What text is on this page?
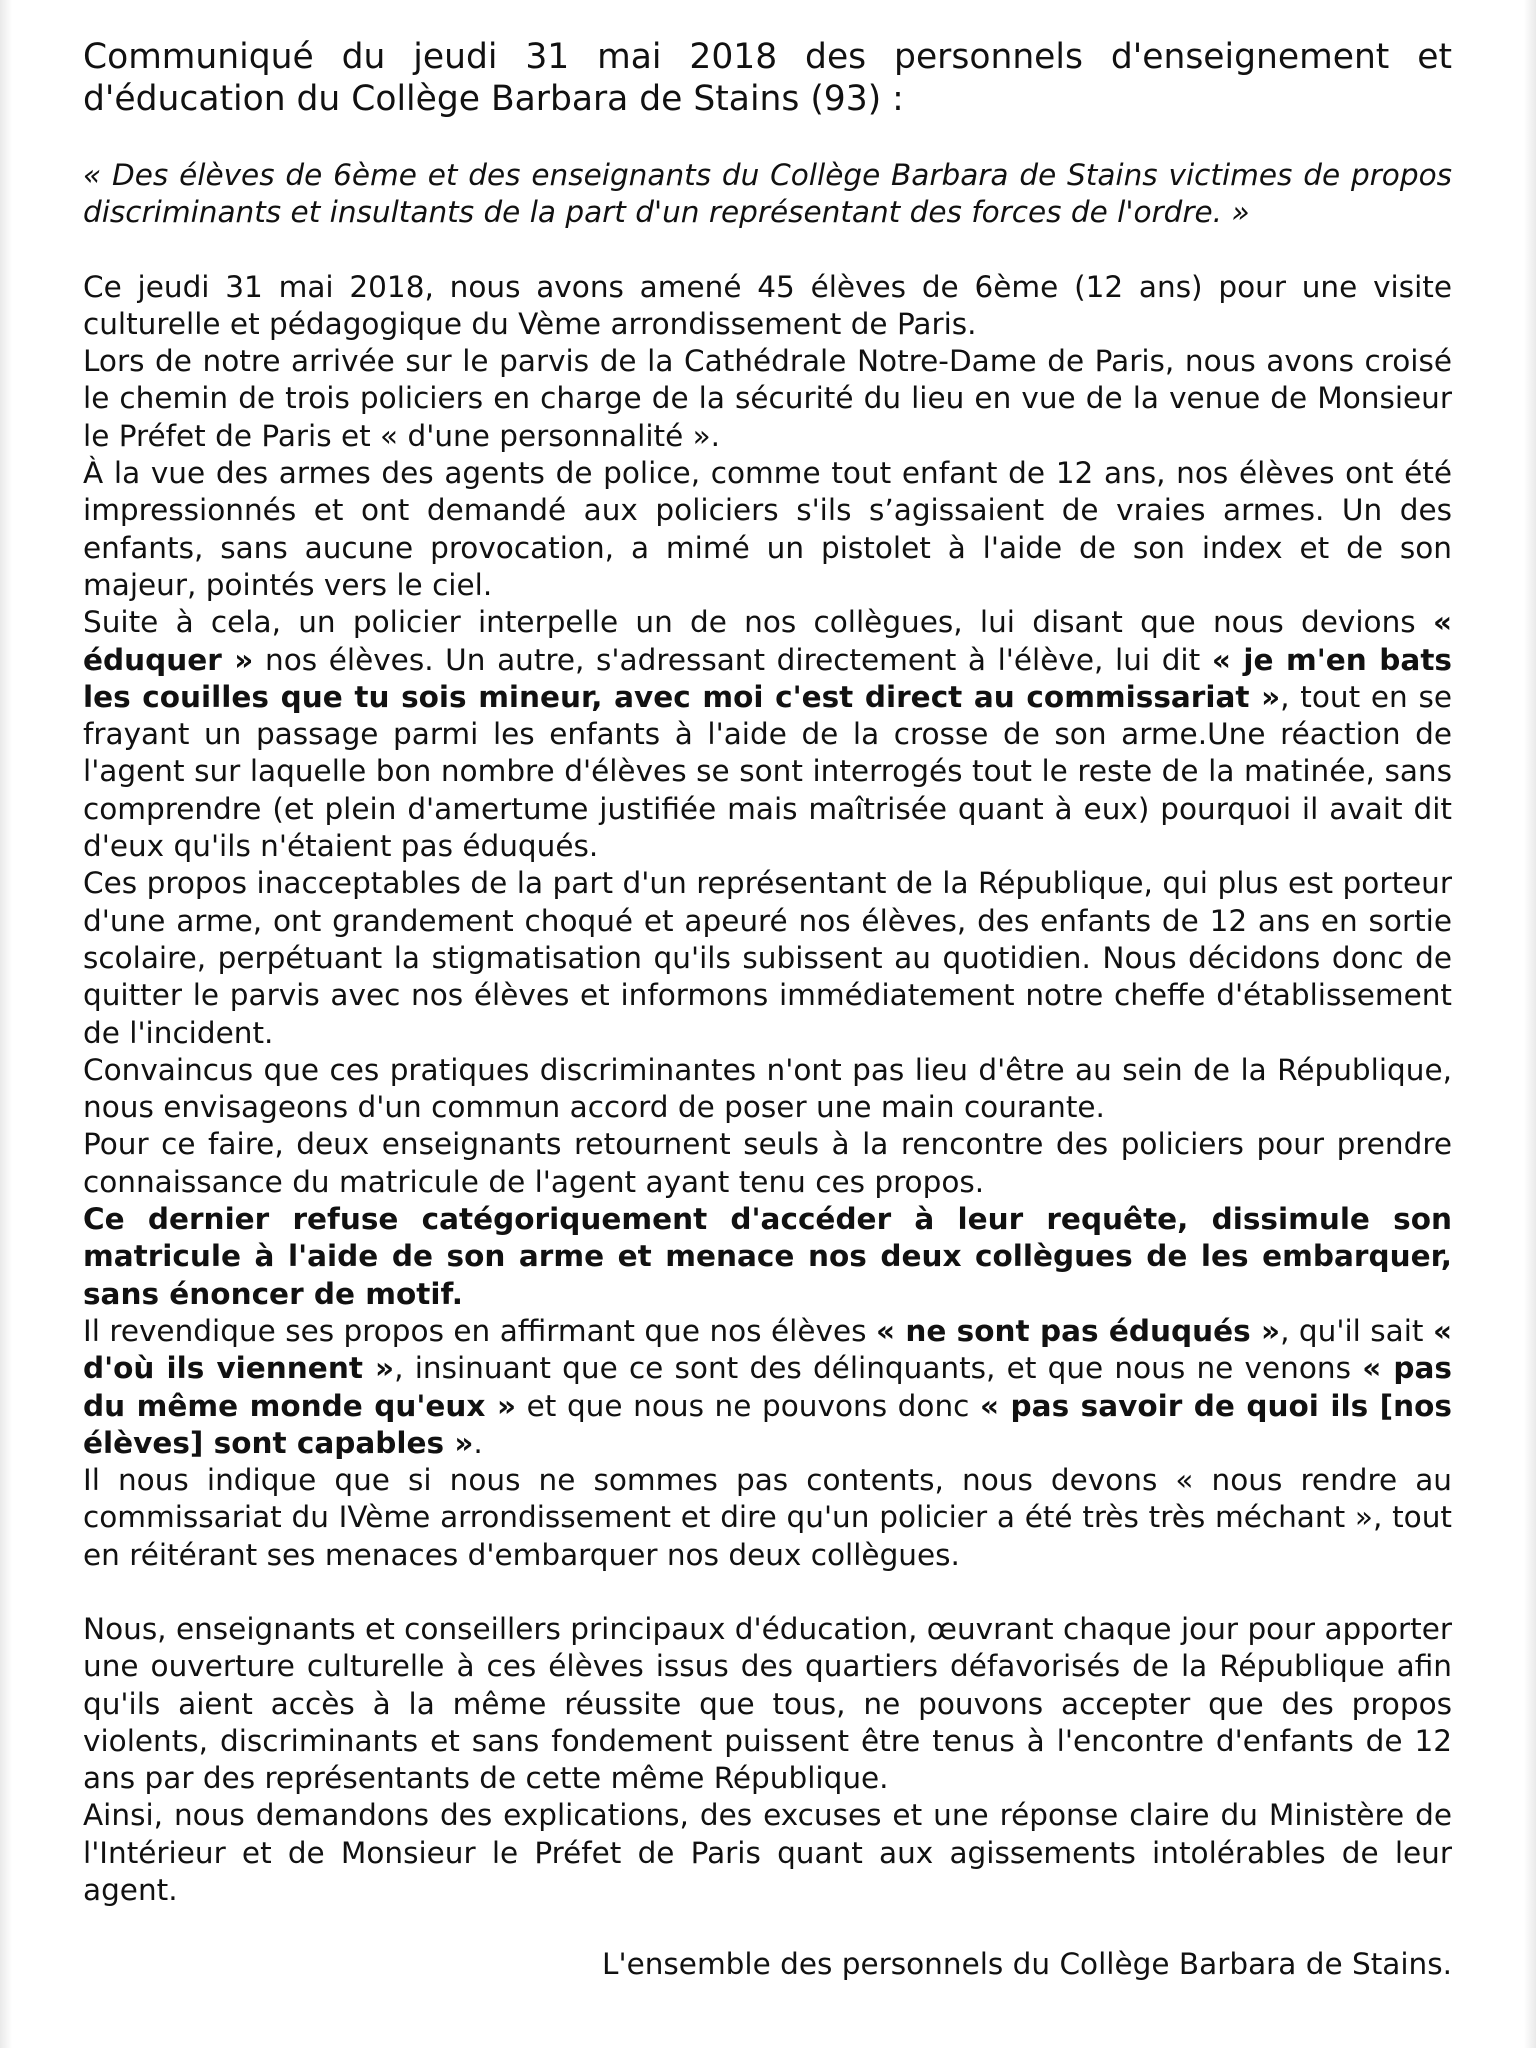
Communiqué du jeudi 31 mai 2018 des personnels d'enseignement et d'éducation du Collège Barbara de Stains (93) :

« Des élèves de 6ème et des enseignants du Collège Barbara de Stains victimes de propos discriminants et insultants de la part d'un représentant des forces de l'ordre. »

Ce jeudi 31 mai 2018, nous avons amené 45 élèves de 6ème (12 ans) pour une visite culturelle et pédagogique du Vème arrondissement de Paris.

Lors de notre arrivée sur le parvis de la Cathédrale Notre-Dame de Paris, nous avons croisé le chemin de trois policiers en charge de la sécurité du lieu en vue de la venue de Monsieur le Préfet de Paris et « d'une personnalité ».

À la vue des armes des agents de police, comme tout enfant de 12 ans, nos élèves ont été impressionnés et ont demandé aux policiers s'ils s’agissaient de vraies armes. Un des enfants, sans aucune provocation, a mimé un pistolet à l'aide de son index et de son majeur, pointés vers le ciel.

Suite à cela, un policier interpelle un de nos collègues, lui disant que nous devions « éduquer » nos élèves. Un autre, s'adressant directement à l'élève, lui dit « je m'en bats les couilles que tu sois mineur, avec moi c'est direct au commissariat », tout en se frayant un passage parmi les enfants à l'aide de la crosse de son arme.Une réaction de l'agent sur laquelle bon nombre d'élèves se sont interrogés tout le reste de la matinée, sans comprendre (et plein d'amertume justifiée mais maîtrisée quant à eux) pourquoi il avait dit d'eux qu'ils n'étaient pas éduqués.

Ces propos inacceptables de la part d'un représentant de la République, qui plus est porteur d'une arme, ont grandement choqué et apeuré nos élèves, des enfants de 12 ans en sortie scolaire, perpétuant la stigmatisation qu'ils subissent au quotidien. Nous décidons donc de quitter le parvis avec nos élèves et informons immédiatement notre cheffe d'établissement de l'incident.

Convaincus que ces pratiques discriminantes n'ont pas lieu d'être au sein de la République, nous envisageons d'un commun accord de poser une main courante.

Pour ce faire, deux enseignants retournent seuls à la rencontre des policiers pour prendre connaissance du matricule de l'agent ayant tenu ces propos.

Ce dernier refuse catégoriquement d'accéder à leur requête, dissimule son matricule à l'aide de son arme et menace nos deux collègues de les embarquer, sans énoncer de motif.

Il revendique ses propos en affirmant que nos élèves « ne sont pas éduqués », qu'il sait « d'où ils viennent », insinuant que ce sont des délinquants, et que nous ne venons « pas du même monde qu'eux » et que nous ne pouvons donc « pas savoir de quoi ils [nos élèves] sont capables ».

Il nous indique que si nous ne sommes pas contents, nous devons « nous rendre au commissariat du IVème arrondissement et dire qu'un policier a été très très méchant », tout en réitérant ses menaces d'embarquer nos deux collègues.

Nous, enseignants et conseillers principaux d'éducation, œuvrant chaque jour pour apporter une ouverture culturelle à ces élèves issus des quartiers défavorisés de la République afin qu'ils aient accès à la même réussite que tous, ne pouvons accepter que des propos violents, discriminants et sans fondement puissent être tenus à l'encontre d'enfants de 12 ans par des représentants de cette même République.

Ainsi, nous demandons des explications, des excuses et une réponse claire du Ministère de l'Intérieur et de Monsieur le Préfet de Paris quant aux agissements intolérables de leur agent.

L'ensemble des personnels du Collège Barbara de Stains.
